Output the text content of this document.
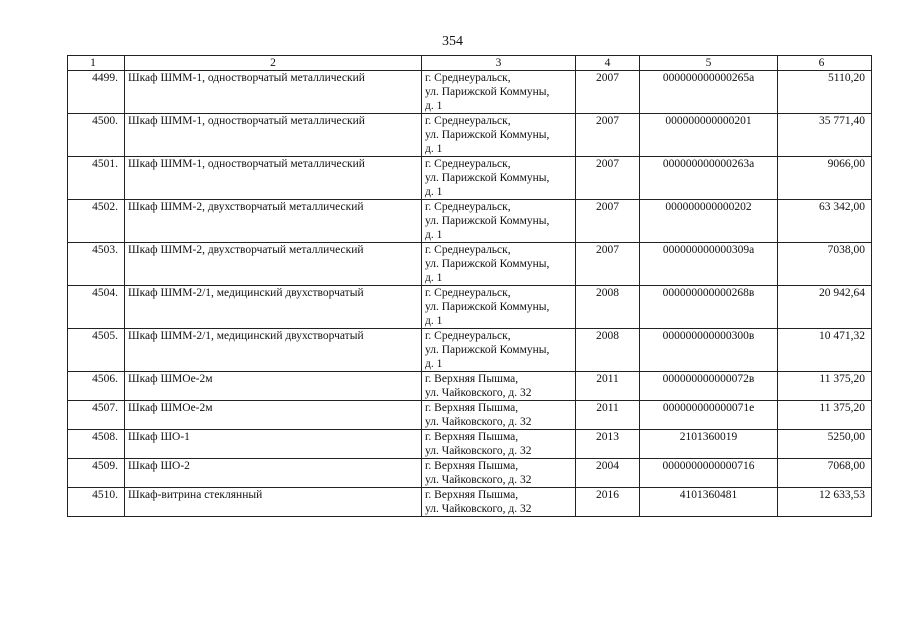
354
1	2	3	4	5	6
4499.	Шкаф ШММ-1, одностворчатый металлический	г. Среднеуральск,
ул. Парижской Коммуны,
д. 1	2007	000000000000265а	5110,20
4500.	Шкаф ШММ-1, одностворчатый металлический	г. Среднеуральск,
ул. Парижской Коммуны,
д. 1	2007	000000000000201	35 771,40
4501.	Шкаф ШММ-1, одностворчатый металлический	г. Среднеуральск,
ул. Парижской Коммуны,
д. 1	2007	000000000000263а	9066,00
4502.	Шкаф ШММ-2, двухстворчатый металлический	г. Среднеуральск,
ул. Парижской Коммуны,
д. 1	2007	000000000000202	63 342,00
4503.	Шкаф ШММ-2, двухстворчатый металлический	г. Среднеуральск,
ул. Парижской Коммуны,
д. 1	2007	000000000000309а	7038,00
4504.	Шкаф ШММ-2/1, медицинский двухстворчатый	г. Среднеуральск,
ул. Парижской Коммуны,
д. 1	2008	000000000000268в	20 942,64
4505.	Шкаф ШММ-2/1, медицинский двухстворчатый	г. Среднеуральск,
ул. Парижской Коммуны,
д. 1	2008	000000000000300в	10 471,32
4506.	Шкаф ШМОе-2м	г. Верхняя Пышма,
ул. Чайковского, д. 32	2011	000000000000072в	11 375,20
4507.	Шкаф ШМОе-2м	г. Верхняя Пышма,
ул. Чайковского, д. 32	2011	000000000000071е	11 375,20
4508.	Шкаф ШО-1	г. Верхняя Пышма,
ул. Чайковского, д. 32	2013	2101360019	5250,00
4509.	Шкаф ШО-2	г. Верхняя Пышма,
ул. Чайковского, д. 32	2004	0000000000000716	7068,00
4510.	Шкаф-витрина стеклянный	г. Верхняя Пышма,
ул. Чайковского, д. 32	2016	4101360481	12 633,53
